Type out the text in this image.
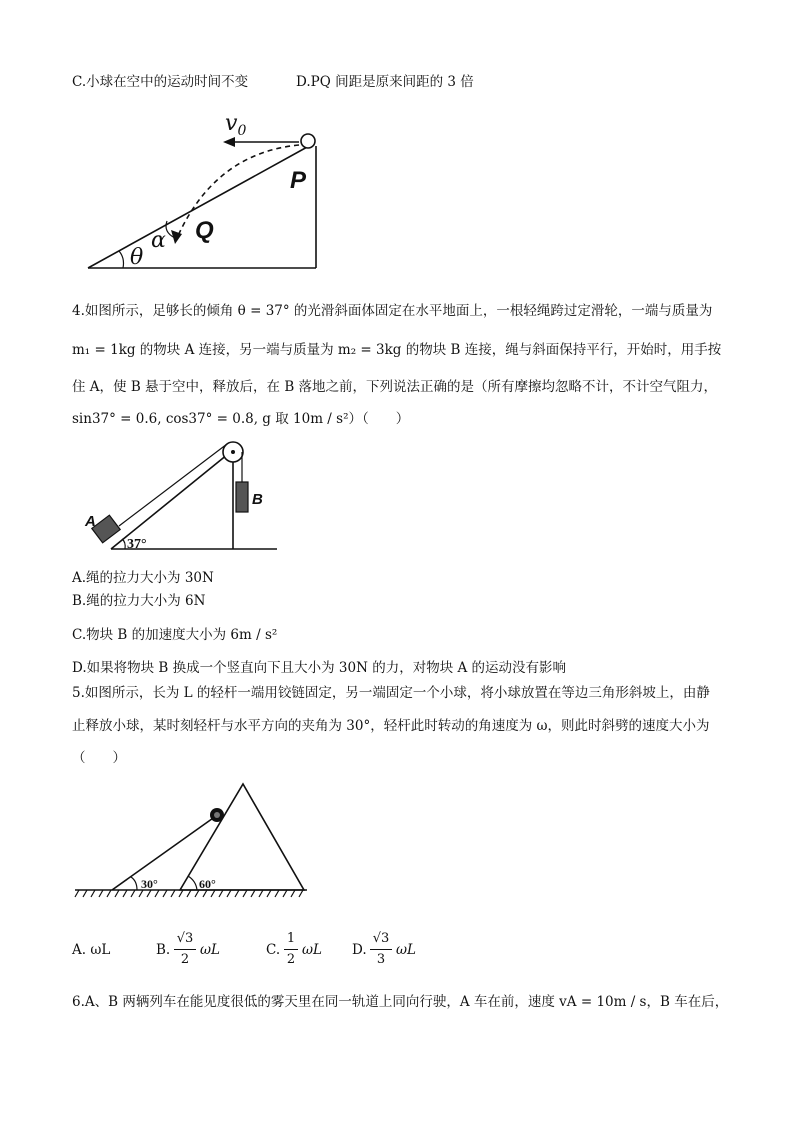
C.小球在空中的运动时间不变	D.PQ 间距是原来间距的 3 倍
$v_0$
P
Q
α
θ
4.如图所示，足够长的倾角 θ = 37° 的光滑斜面体固定在水平地面上，一根轻绳跨过定滑轮，一端与质量为
m₁ = 1kg 的物块 A 连接，另一端与质量为 m₂ = 3kg 的物块 B 连接，绳与斜面保持平行，开始时，用手按
住 A，使 B 悬于空中，释放后，在 B 落地之前，下列说法正确的是（所有摩擦均忽略不计，不计空气阻力，
sin37° = 0.6, cos37° = 0.8, g 取 10m / s²）（　　）
A
B
37°
A.绳的拉力大小为 30N
B.绳的拉力大小为 6N
C.物块 B 的加速度大小为 6m / s²
D.如果将物块 B 换成一个竖直向下且大小为 30N 的力，对物块 A 的运动没有影响
5.如图所示，长为 L 的轻杆一端用铰链固定，另一端固定一个小球，将小球放置在等边三角形斜坡上，由静
止释放小球，某时刻轻杆与水平方向的夹角为 30°，轻杆此时转动的角速度为 ω，则此时斜劈的速度大小为
（　　）
30°	60°
A. ωL	B.
√3
2
ωL	C.
1
2
ωL D.
√3
3
ωL
6.A、B 两辆列车在能见度很低的雾天里在同一轨道上同向行驶，A 车在前，速度 vA = 10m / s，B 车在后，
